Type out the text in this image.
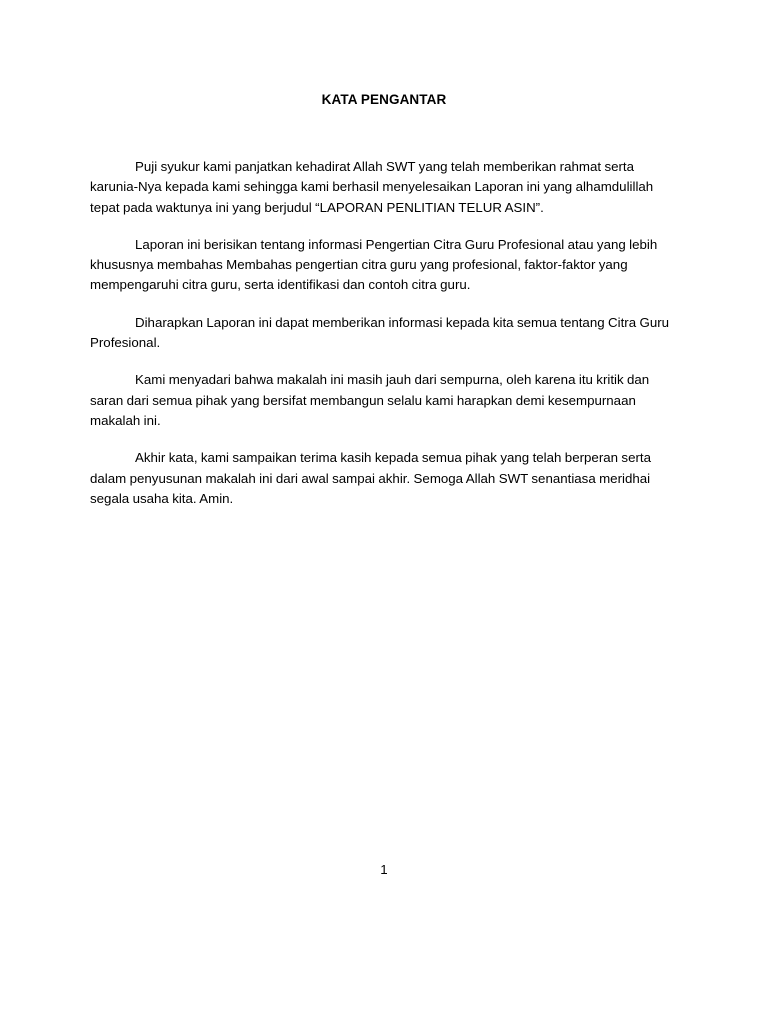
KATA PENGANTAR

Puji syukur kami panjatkan kehadirat Allah SWT yang telah memberikan rahmat serta karunia-Nya kepada kami sehingga kami berhasil menyelesaikan Laporan ini yang alhamdulillah tepat pada waktunya ini yang berjudul “LAPORAN PENLITIAN TELUR ASIN”.

Laporan ini berisikan tentang informasi Pengertian Citra Guru Profesional atau yang lebih khususnya membahas Membahas pengertian citra guru yang profesional, faktor-faktor yang mempengaruhi citra guru, serta identifikasi dan contoh citra guru.

Diharapkan Laporan ini dapat memberikan informasi kepada kita semua tentang Citra Guru Profesional.

Kami menyadari bahwa makalah ini masih jauh dari sempurna, oleh karena itu kritik dan saran dari semua pihak yang bersifat membangun selalu kami harapkan demi kesempurnaan makalah ini.

Akhir kata, kami sampaikan terima kasih kepada semua pihak yang telah berperan serta dalam penyusunan makalah ini dari awal sampai akhir. Semoga Allah SWT senantiasa meridhai segala usaha kita. Amin.

1
